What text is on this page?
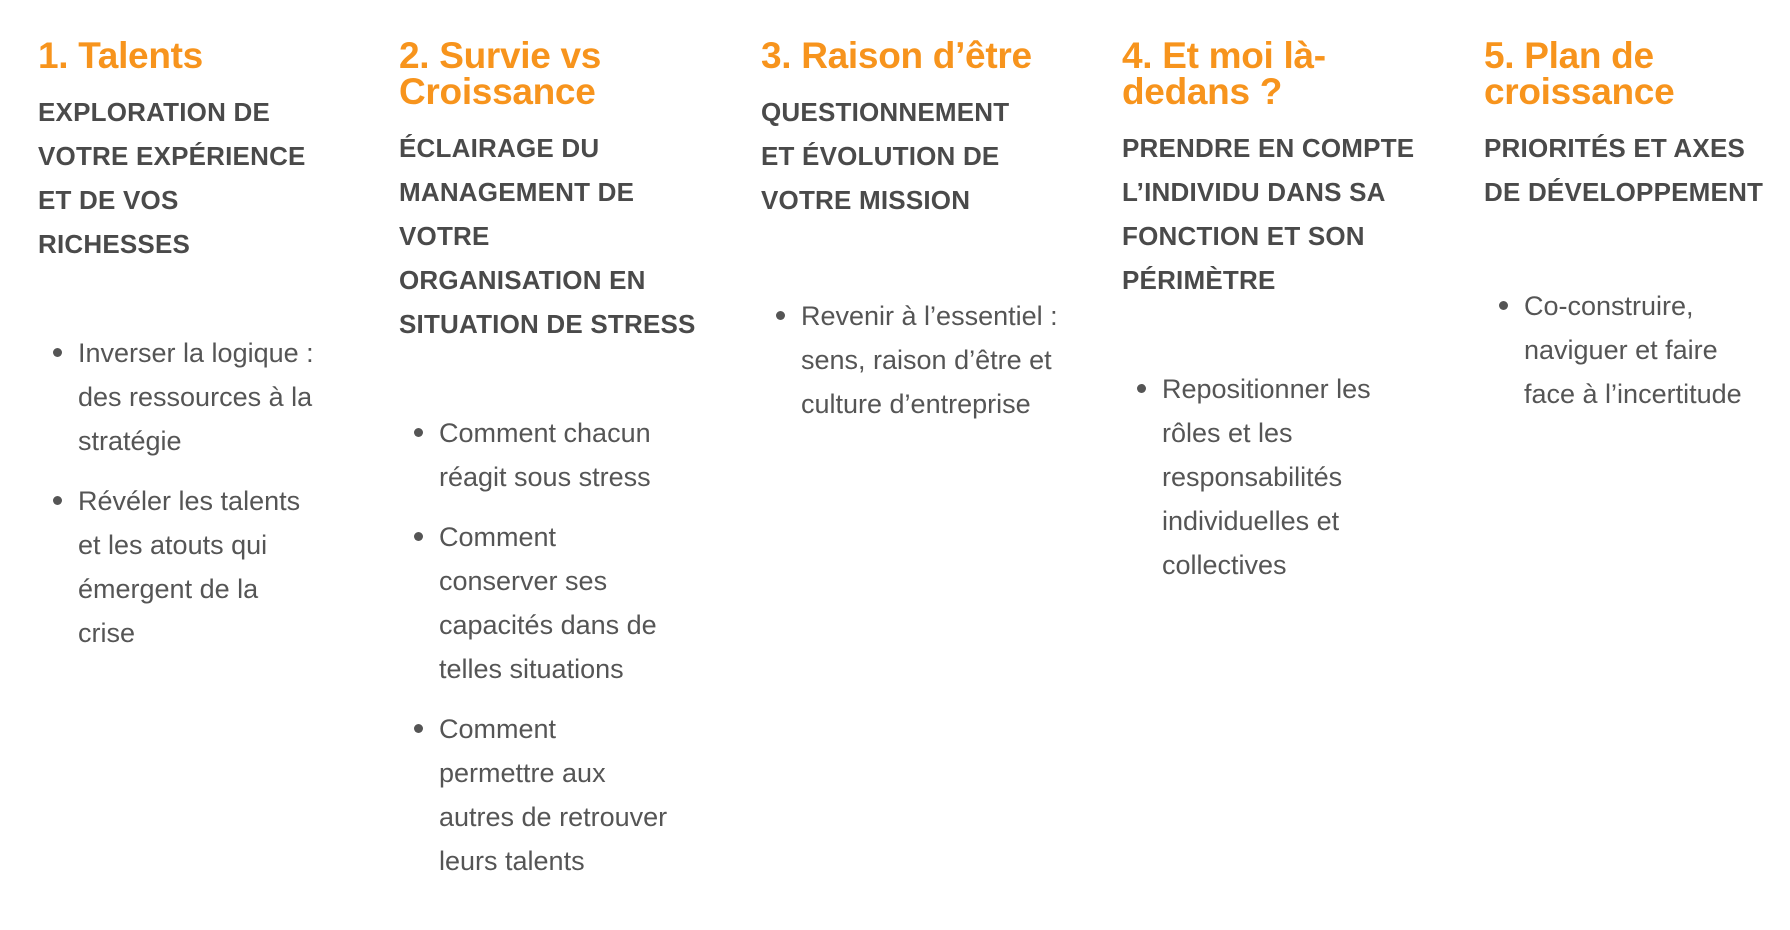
1. Talents
EXPLORATION DE VOTRE EXPÉRIENCE ET DE VOS RICHESSES
Inverser la logique : des ressources à la stratégie
Révéler les talents et les atouts qui émergent de la crise
2. Survie vs Croissance
ÉCLAIRAGE DU MANAGEMENT DE VOTRE ORGANISATION EN SITUATION DE STRESS
Comment chacun réagit sous stress
Comment conserver ses capacités dans de telles situations
Comment permettre aux autres de retrouver leurs talents
3. Raison d’être
QUESTIONNEMENT ET ÉVOLUTION DE VOTRE MISSION
Revenir à l’essentiel : sens, raison d’être et culture d’entreprise
4. Et moi là-dedans ?
PRENDRE EN COMPTE L’INDIVIDU DANS SA FONCTION ET SON PÉRIMÈTRE
Repositionner les rôles et les responsabilités individuelles et collectives
5. Plan de croissance
PRIORITÉS ET AXES DE DÉVELOPPEMENT
Co-construire, naviguer et faire face à l’incertitude
